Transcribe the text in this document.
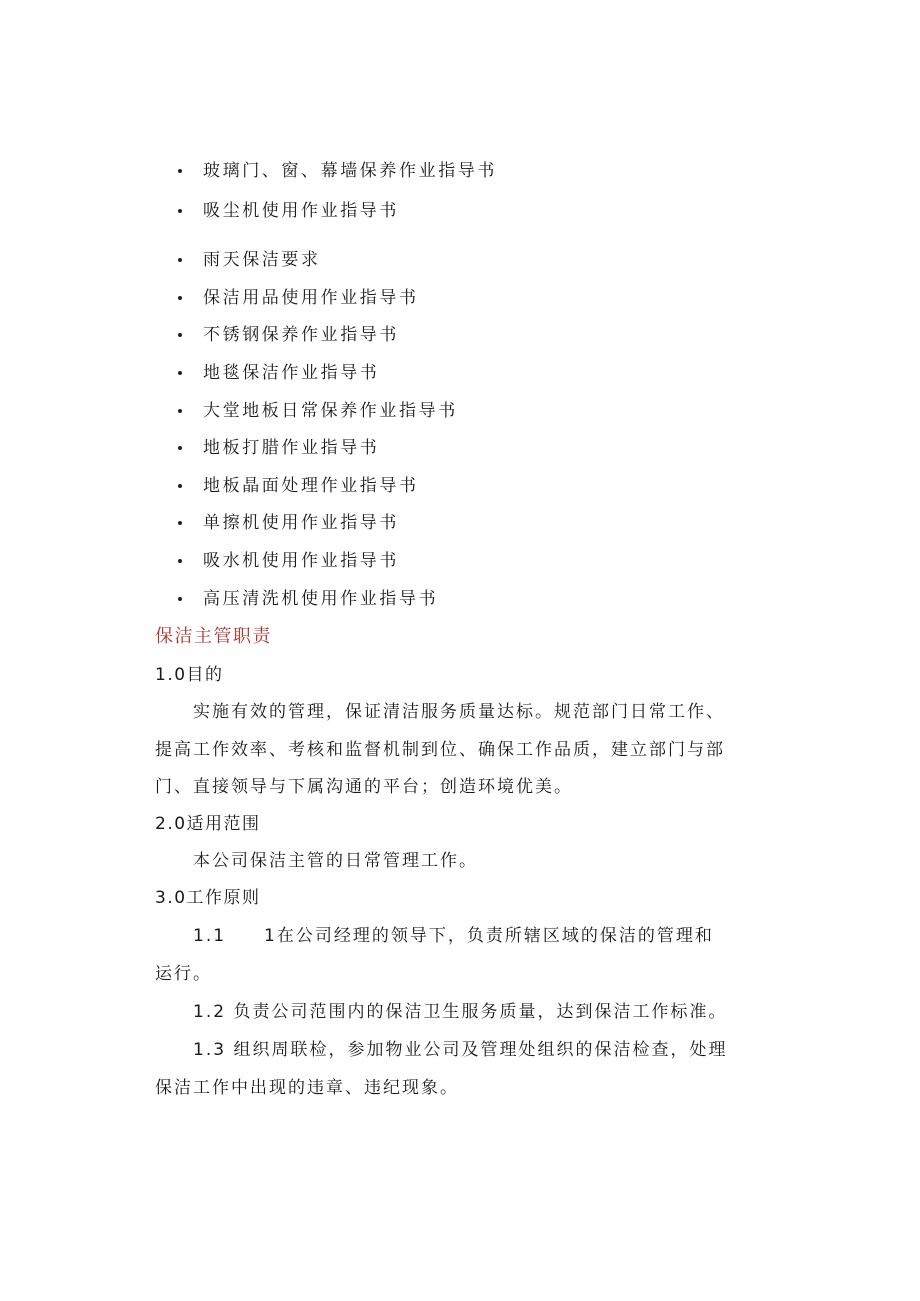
玻璃门、窗、幕墙保养作业指导书
吸尘机使用作业指导书
雨天保洁要求
保洁用品使用作业指导书
不锈钢保养作业指导书
地毯保洁作业指导书
大堂地板日常保养作业指导书
地板打腊作业指导书
地板晶面处理作业指导书
单擦机使用作业指导书
吸水机使用作业指导书
高压清洗机使用作业指导书
保洁主管职责
1.0目的
实施有效的管理，保证清洁服务质量达标。规范部门日常工作、
提高工作效率、考核和监督机制到位、确保工作品质，建立部门与部
门、直接领导与下属沟通的平台；创造环境优美。
2.0适用范围
本公司保洁主管的日常管理工作。
3.0工作原则
1.1　　1在公司经理的领导下，负责所辖区域的保洁的管理和
运行。
1.2 负责公司范围内的保洁卫生服务质量，达到保洁工作标准。
1.3 组织周联检，参加物业公司及管理处组织的保洁检查，处理
保洁工作中出现的违章、违纪现象。
